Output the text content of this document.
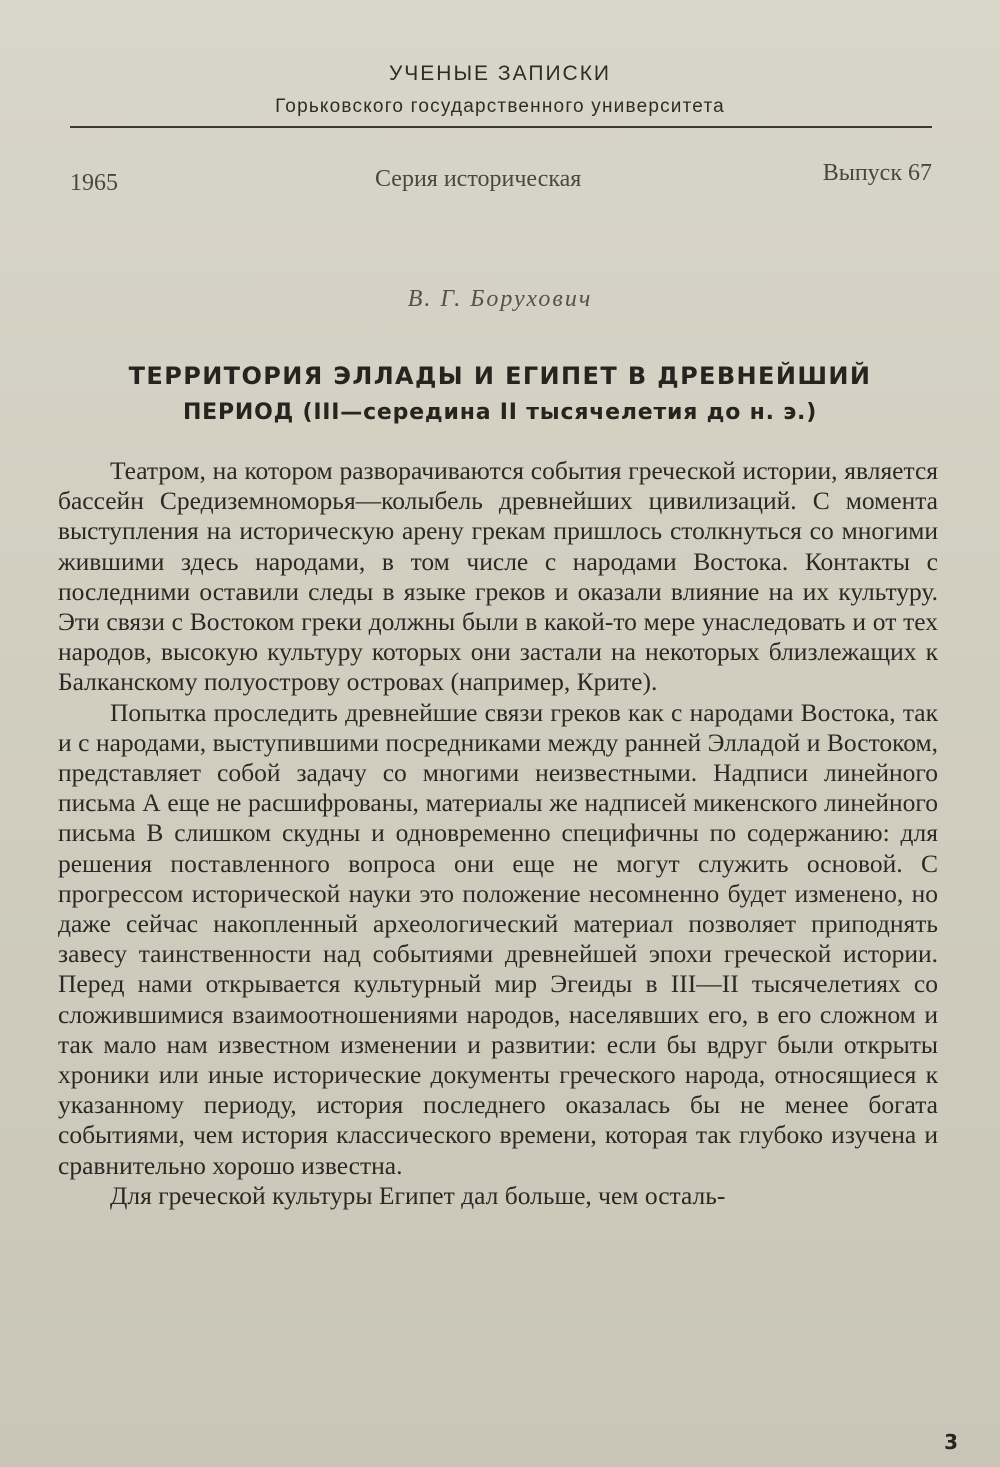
УЧЕНЫЕ ЗАПИСКИ
Горьковского государственного университета
1965	Серия историческая	Выпуск 67
В. Г. Борухович
ТЕРРИТОРИЯ ЭЛЛАДЫ И ЕГИПЕТ В ДРЕВНЕЙШИЙ
ПЕРИОД (III—середина II тысячелетия до н. э.)

Театром, на котором разворачиваются события греческой истории, является бассейн Средиземноморья—колыбель древнейших цивилизаций. С момента выступления на историческую арену грекам пришлось столкнуться со многими жившими здесь народами, в том числе с народами Востока. Контакты с последними оставили следы в языке греков и оказали влияние на их культуру. Эти связи с Востоком греки должны были в какой-то мере унаследовать и от тех народов, высокую культуру которых они застали на некоторых близлежащих к Балканскому полуострову островах (например, Крите).

Попытка проследить древнейшие связи греков как с народами Востока, так и с народами, выступившими посредниками между ранней Элладой и Востоком, представляет собой задачу со многими неизвестными. Надписи линейного письма А еще не расшифрованы, материалы же надписей микенского линейного письма В слишком скудны и одновременно специфичны по содержанию: для решения поставленного вопроса они еще не могут служить основой. С прогрессом исторической науки это положение несомненно будет изменено, но даже сейчас накопленный археологический материал позволяет приподнять завесу таинственности над событиями древнейшей эпохи греческой истории. Перед нами открывается культурный мир Эгеиды в III—II тысячелетиях со сложившимися взаимоотношениями народов, населявших его, в его сложном и так мало нам известном изменении и развитии: если бы вдруг были открыты хроники или иные исторические документы греческого народа, относящиеся к указанному периоду, история последнего оказалась бы не менее богата событиями, чем история классического времени, которая так глубоко изучена и сравнительно хорошо известна.

Для греческой культуры Египет дал больше, чем осталь-

3
